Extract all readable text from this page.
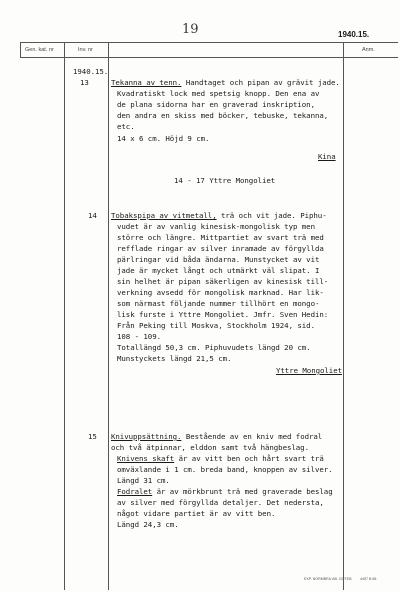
19	1940.15.
Gen. kat. nr	Inv. nr	Anm.
1940.15.
13	Tekanna av tenn. Handtaget och pipan av grävit jade.
Kvadratiskt lock med spetsig knopp. Den ena av
de plana sidorna har en graverad inskription,
den andra en skiss med böcker, tebuske, tekanna,
etc.
14 x 6 cm. Höjd 9 cm.
Kina
14 - 17 Yttre Mongoliet
14 Tobakspipa av vitmetall, trä och vit jade. Piphu-
vudet är av vanlig kinesisk-mongolisk typ men
större och längre. Mittpartiet av svart trä med
refflade ringar av silver inramade av förgyllda
pärlringar vid båda ändarna. Munstycket av vit
jade är mycket långt och utmärkt väl slipat. I
sin helhet är pipan säkerligen av kinesisk till-
verkning avsedd för mongolisk marknad. Har lik-
som närmast följande nummer tillhört en mongo-
lisk furste i Yttre Mongoliet. Jmfr. Sven Hedin:
Från Peking till Moskva, Stockholm 1924, sid.
108 - 109.
Totallängd 50,3 cm. Piphuvudets längd 20 cm.
Munstyckets längd 21,5 cm.
Yttre Mongoliet
15 Knivuppsättning. Bestående av en kniv med fodral
och två ätpinnar, elddon samt två hängbeslag.
Knivens skaft är av vitt ben och hårt svart trä
omväxlande i 1 cm. breda band, knoppen av silver.
Längd 31 cm.
Fodralet är av mörkbrunt trä med graverade beslag
av silver med förgyllda detaljer. Det nedersta,
något vidare partiet är av vitt ben.
Längd 24,3 cm.
EXP. NORMBRU AB. GÖTEB. 4457 B 68
